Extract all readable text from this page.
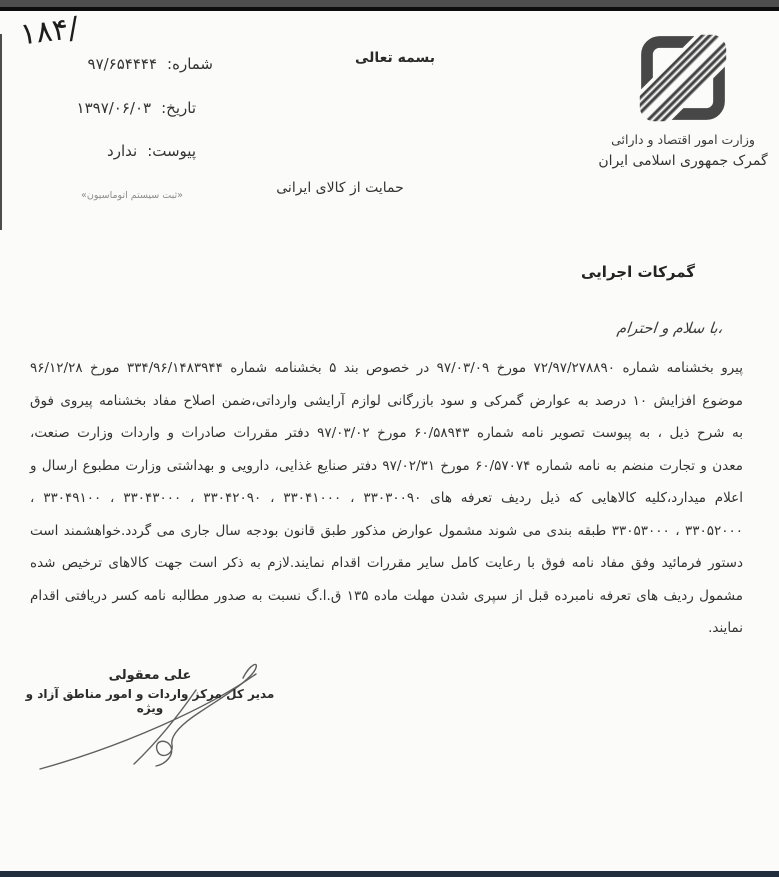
۱۸۴/
بسمه تعالی
وزارت امور اقتصاد و دارائی
گمرک جمهوری اسلامی ایران
شماره:
۹۷/۶۵۴۴۴۴
تاریخ:
۱۳۹۷/۰۶/۰۳
پیوست:
ندارد
«ثبت سیستم اتوماسیون»	حمایت از کالای ایرانی
گمرکات اجرایی
با سلام و احترام،
پیرو بخشنامه شماره ۷۲/۹۷/۲۷۸۸۹۰ مورخ ۹۷/۰۳/۰۹ در خصوص بند ۵ بخشنامه شماره ۳۳۴/۹۶/۱۴۸۳۹۴۴ مورخ ۹۶/۱۲/۲۸
موضوع افزایش ۱۰ درصد به عوارض گمرکی و سود بازرگانی لوازم آرایشی وارداتی،ضمن اصلاح مفاد بخشنامه پیروی فوق
به شرح ذیل ، به پیوست تصویر نامه شماره ۶۰/۵۸۹۴۳ مورخ ۹۷/۰۳/۰۲ دفتر مقررات صادرات و واردات وزارت صنعت،
معدن و تجارت منضم به نامه شماره ۶۰/۵۷۰۷۴ مورخ ۹۷/۰۲/۳۱ دفتر صنایع غذایی، دارویی و بهداشتی وزارت مطبوع ارسال و
اعلام میدارد،کلیه کالاهایی که ذیل ردیف تعرفه های ۳۳۰۳۰۰۹۰ ، ۳۳۰۴۱۰۰۰ ، ۳۳۰۴۲۰۹۰ ، ۳۳۰۴۳۰۰۰ ، ۳۳۰۴۹۱۰۰ ،
۳۳۰۵۲۰۰۰ ، ۳۳۰۵۳۰۰۰ طبقه بندی می شوند مشمول عوارض مذکور طبق قانون بودجه سال جاری می گردد.خواهشمند است
دستور فرمائید وفق مفاد نامه فوق با رعایت کامل سایر مقررات اقدام نمایند.لازم به ذکر است جهت کالاهای ترخیص شده
مشمول ردیف های تعرفه نامبرده قبل از سپری شدن مهلت ماده ۱۳۵ ق.ا.گ نسبت به صدور مطالبه نامه کسر دریافتی اقدام
نمایند.
علی معقولی
مدیر کل مرکز واردات و امور مناطق آزاد و ویژه
